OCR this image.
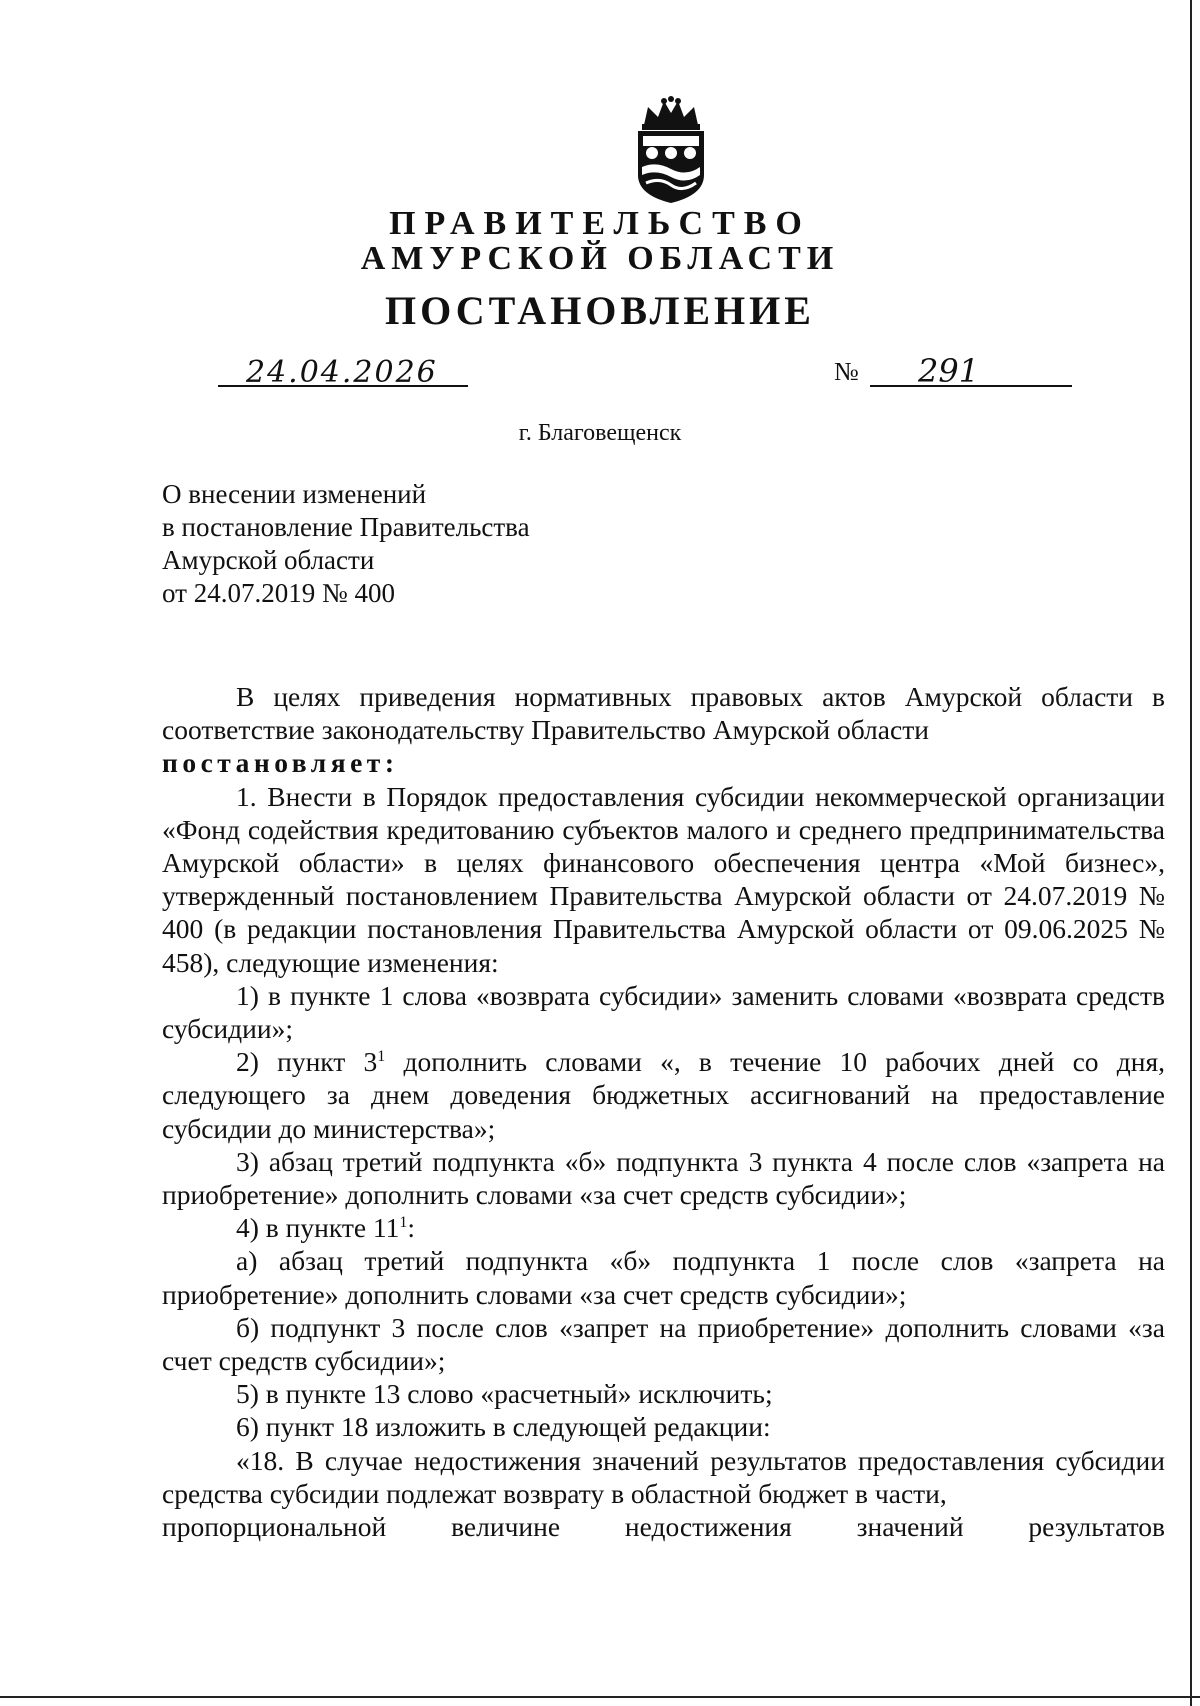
ПРАВИТЕЛЬСТВО
АМУРСКОЙ ОБЛАСТИ
ПОСТАНОВЛЕНИЕ
24.04.2026	№ 291
г. Благовещенск
О внесении изменений
в постановление Правительства
Амурской области
от 24.07.2019 № 400

В целях приведения нормативных правовых актов Амурской области в соответствие законодательству Правительство Амурской области

постановляет:

1. Внести в Порядок предоставления субсидии некоммерческой организации «Фонд содействия кредитованию субъектов малого и среднего предпринимательства Амурской области» в целях финансового обеспечения центра «Мой бизнес», утвержденный постановлением Правительства Амурской области от 24.07.2019 № 400 (в редакции постановления Правительства Амурской области от 09.06.2025 № 458), следующие изменения:

1) в пункте 1 слова «возврата субсидии» заменить словами «возврата средств субсидии»;

2) пункт $3^1$ дополнить словами «, в течение 10 рабочих дней со дня, следующего за днем доведения бюджетных ассигнований на предоставление субсидии до министерства»;

3) абзац третий подпункта «б» подпункта 3 пункта 4 после слов «запрета на приобретение» дополнить словами «за счет средств субсидии»;

4) в пункте $11^1$:

а) абзац третий подпункта «б» подпункта 1 после слов «запрета на приобретение» дополнить словами «за счет средств субсидии»;

б) подпункт 3 после слов «запрет на приобретение» дополнить словами «за счет средств субсидии»;

5) в пункте 13 слово «расчетный» исключить;

6) пункт 18 изложить в следующей редакции:

«18. В случае недостижения значений результатов предоставления субсидии средства субсидии подлежат возврату в областной бюджет в части,

пропорциональной величине недостижения значений результатов
